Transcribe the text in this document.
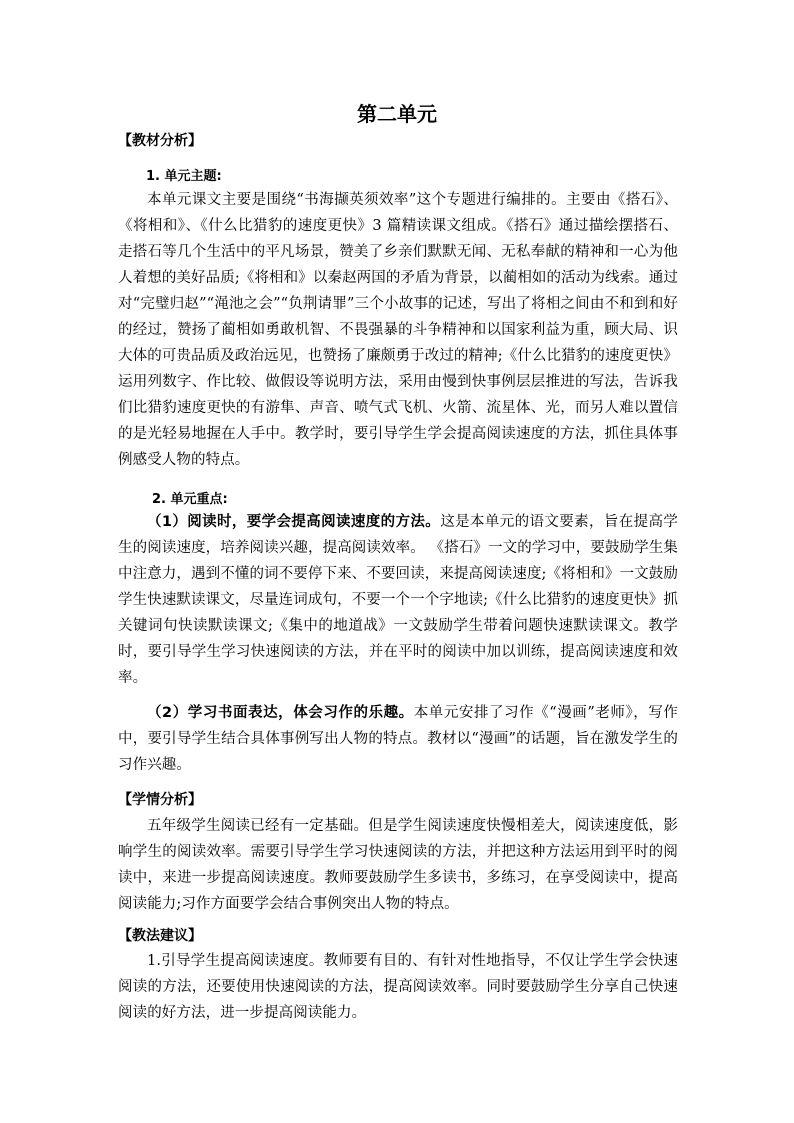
第二单元
【教材分析】
1. 单元主题:
本单元课文主要是围绕“书海撷英须效率”这个专题进行编排的。主要由《搭石》、《将相和》、《什么比猎豹的速度更快》3 篇精读课文组成。《搭石》通过描绘摆搭石、走搭石等几个生活中的平凡场景，赞美了乡亲们默默无闻、无私奉献的精神和一心为他人着想的美好品质;《将相和》以秦赵两国的矛盾为背景，以蔺相如的活动为线索。通过对“完璧归赵”“渑池之会”“负荆请罪”三个小故事的记述，写出了将相之间由不和到和好的经过，赞扬了蔺相如勇敢机智、不畏强暴的斗争精神和以国家利益为重，顾大局、识大体的可贵品质及政治远见，也赞扬了廉颇勇于改过的精神;《什么比猎豹的速度更快》 运用列数字、作比较、做假设等说明方法，采用由慢到快事例层层推进的写法，告诉我们比猎豹速度更快的有游隼、声音、喷气式飞机、火箭、流星体、光，而另人难以置信的是光轻易地握在人手中。教学时，要引导学生学会提高阅读速度的方法，抓住具体事例感受人物的特点。
2. 单元重点:
（1）阅读时，要学会提高阅读速度的方法。这是本单元的语文要素，旨在提高学生的阅读速度，培养阅读兴趣，提高阅读效率。 《搭石》一文的学习中，要鼓励学生集中注意力，遇到不懂的词不要停下来、不要回读，来提高阅读速度;《将相和》一文鼓励学生快速默读课文，尽量连词成句，不要一个一个字地读;《什么比猎豹的速度更快》抓关键词句快读默读课文;《集中的地道战》一文鼓励学生带着问题快速默读课文。教学时，要引导学生学习快速阅读的方法，并在平时的阅读中加以训练，提高阅读速度和效率。
（2）学习书面表达，体会习作的乐趣。本单元安排了习作《“漫画”老师》，写作中，要引导学生结合具体事例写出人物的特点。教材以“漫画”的话题，旨在激发学生的习作兴趣。
【学情分析】
五年级学生阅读已经有一定基础。但是学生阅读速度快慢相差大，阅读速度低，影响学生的阅读效率。需要引导学生学习快速阅读的方法，并把这种方法运用到平时的阅读中，来进一步提高阅读速度。教师要鼓励学生多读书，多练习，在享受阅读中，提高阅读能力;习作方面要学会结合事例突出人物的特点。
【教法建议】
1.引导学生提高阅读速度。教师要有目的、有针对性地指导，不仅让学生学会快速阅读的方法，还要使用快速阅读的方法，提高阅读效率。同时要鼓励学生分享自己快速阅读的好方法，进一步提高阅读能力。
